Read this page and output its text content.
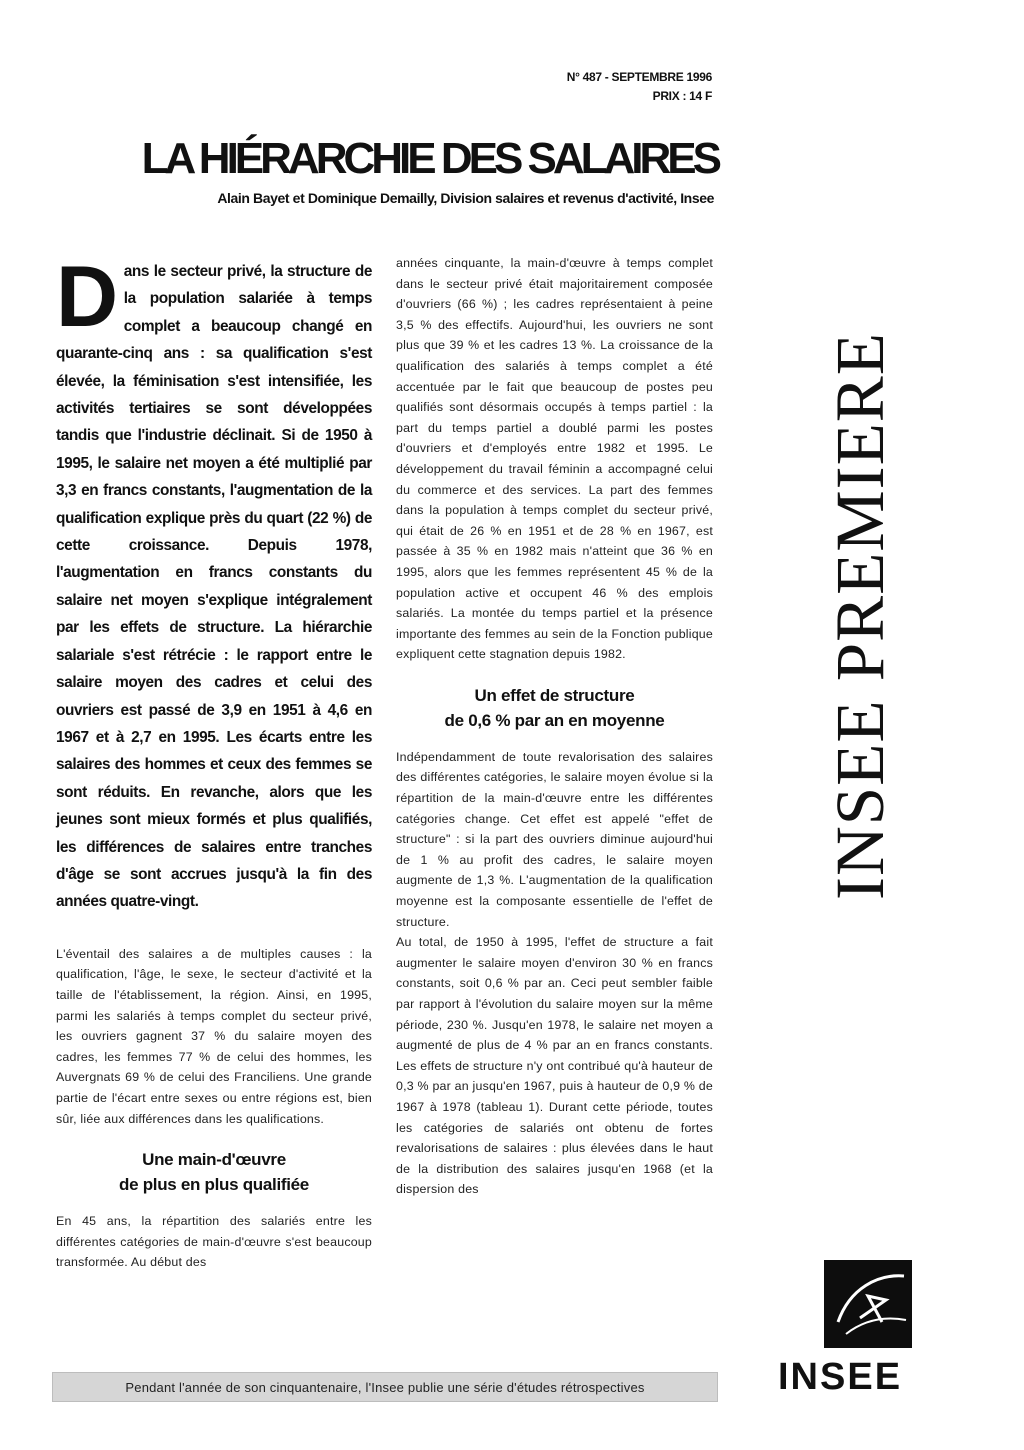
N° 487 - SEPTEMBRE 1996
PRIX : 14 F
LA HIÉRARCHIE DES SALAIRES
Alain Bayet et Dominique Demailly, Division salaires et revenus d'activité, Insee

Dans le secteur privé, la structure de la population salariée à temps complet a beaucoup changé en quarante-cinq ans : sa qualification s'est élevée, la féminisation s'est intensifiée, les activités tertiaires se sont développées tandis que l'industrie déclinait. Si de 1950 à 1995, le salaire net moyen a été multiplié par 3,3 en francs constants, l'augmentation de la qualification explique près du quart (22 %) de cette croissance. Depuis 1978, l'augmentation en francs constants du salaire net moyen s'explique intégralement par les effets de structure. La hiérarchie salariale s'est rétrécie : le rapport entre le salaire moyen des cadres et celui des ouvriers est passé de 3,9 en 1951 à 4,6 en 1967 et à 2,7 en 1995. Les écarts entre les salaires des hommes et ceux des femmes se sont réduits. En revanche, alors que les jeunes sont mieux formés et plus qualifiés, les différences de salaires entre tranches d'âge se sont accrues jusqu'à la fin des années quatre-vingt.

L'éventail des salaires a de multiples causes : la qualification, l'âge, le sexe, le secteur d'activité et la taille de l'établissement, la région. Ainsi, en 1995, parmi les salariés à temps complet du secteur privé, les ouvriers gagnent 37 % du salaire moyen des cadres, les femmes 77 % de celui des hommes, les Auvergnats 69 % de celui des Franciliens. Une grande partie de l'écart entre sexes ou entre régions est, bien sûr, liée aux différences dans les qualifications.

Une main-d'œuvre
de plus en plus qualifiée

En 45 ans, la répartition des salariés entre les différentes catégories de main-d'œuvre s'est beaucoup transformée. Au début des

années cinquante, la main-d'œuvre à temps complet dans le secteur privé était majoritairement composée d'ouvriers (66 %) ; les cadres représentaient à peine 3,5 % des effectifs. Aujourd'hui, les ouvriers ne sont plus que 39 % et les cadres 13 %. La croissance de la qualification des salariés à temps complet a été accentuée par le fait que beaucoup de postes peu qualifiés sont désormais occupés à temps partiel : la part du temps partiel a doublé parmi les postes d'ouvriers et d'employés entre 1982 et 1995. Le développement du travail féminin a accompagné celui du commerce et des services. La part des femmes dans la population à temps complet du secteur privé, qui était de 26 % en 1951 et de 28 % en 1967, est passée à 35 % en 1982 mais n'atteint que 36 % en 1995, alors que les femmes représentent 45 % de la population active et occupent 46 % des emplois salariés. La montée du temps partiel et la présence importante des femmes au sein de la Fonction publique expliquent cette stagnation depuis 1982.

Un effet de structure
de 0,6 % par an en moyenne

Indépendamment de toute revalorisation des salaires des différentes catégories, le salaire moyen évolue si la répartition de la main-d'œuvre entre les différentes catégories change. Cet effet est appelé "effet de structure" : si la part des ouvriers diminue aujourd'hui de 1 % au profit des cadres, le salaire moyen augmente de 1,3 %. L'augmentation de la qualification moyenne est la composante essentielle de l'effet de structure.

Au total, de 1950 à 1995, l'effet de structure a fait augmenter le salaire moyen d'environ 30 % en francs constants, soit 0,6 % par an. Ceci peut sembler faible par rapport à l'évolution du salaire moyen sur la même période, 230 %. Jusqu'en 1978, le salaire net moyen a augmenté de plus de 4 % par an en francs constants. Les effets de structure n'y ont contribué qu'à hauteur de 0,3 % par an jusqu'en 1967, puis à hauteur de 0,9 % de 1967 à 1978 (tableau 1). Durant cette période, toutes les catégories de salariés ont obtenu de fortes revalorisations de salaires : plus élevées dans le haut de la distribution des salaires jusqu'en 1968 (et la dispersion des

Pendant l'année de son cinquantenaire, l'Insee publie une série d'études rétrospectives
INSEE PREMIERE
INSEE
